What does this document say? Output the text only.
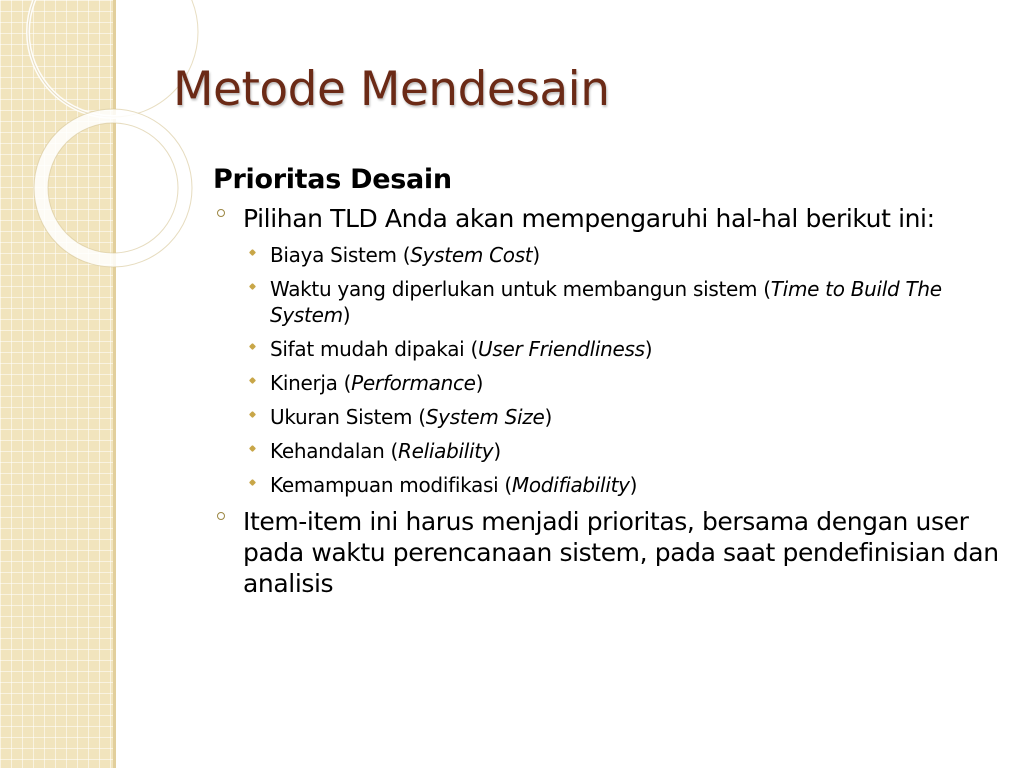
Metode Mendesain
Prioritas Desain
Pilihan TLD Anda akan mempengaruhi hal-hal berikut ini:
Biaya Sistem (System Cost)
Waktu yang diperlukan untuk membangun sistem (Time to Build The System)
Sifat mudah dipakai (User Friendliness)
Kinerja (Performance)
Ukuran Sistem (System Size)
Kehandalan (Reliability)
Kemampuan modifikasi (Modifiability)
Item-item ini harus menjadi prioritas, bersama dengan user pada waktu perencanaan sistem, pada saat pendefinisian dan analisis
